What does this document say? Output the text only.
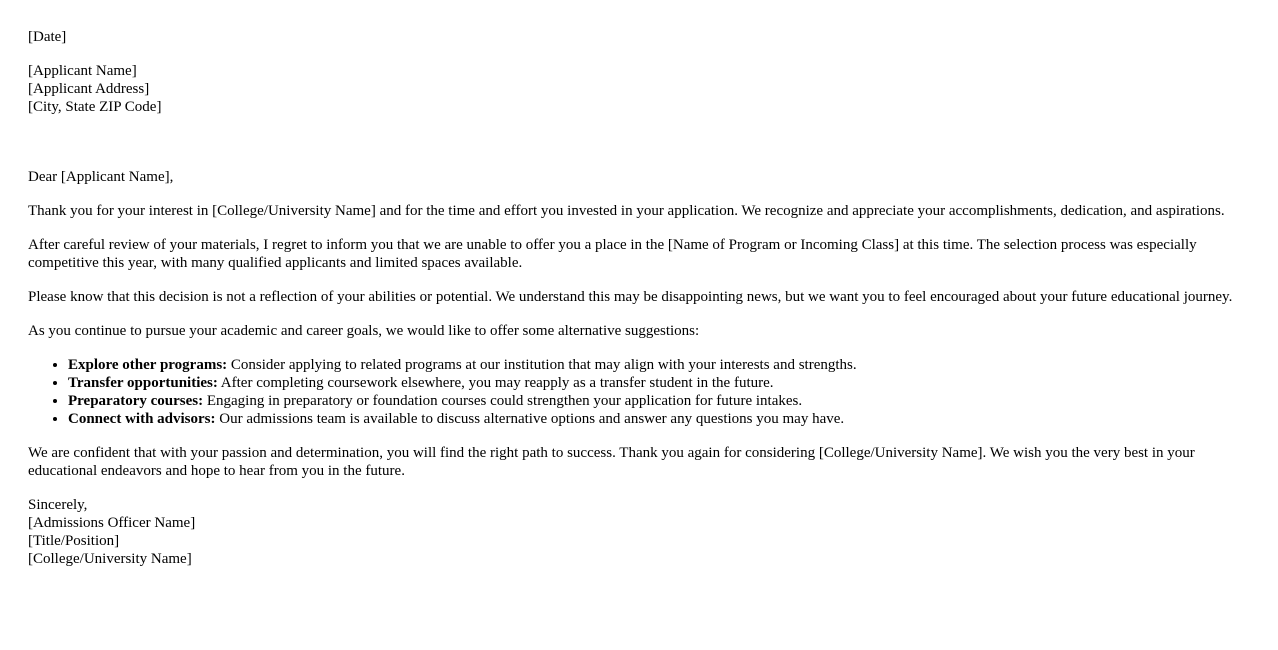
[Date]

[Applicant Name]
[Applicant Address]
[City, State ZIP Code]

Dear [Applicant Name],

Thank you for your interest in [College/University Name] and for the time and effort you invested in your application. We recognize and appreciate your accomplishments, dedication, and aspirations.

After careful review of your materials, I regret to inform you that we are unable to offer you a place in the [Name of Program or Incoming Class] at this time. The selection process was especially competitive this year, with many qualified applicants and limited spaces available.

Please know that this decision is not a reflection of your abilities or potential. We understand this may be disappointing news, but we want you to feel encouraged about your future educational journey.

As you continue to pursue your academic and career goals, we would like to offer some alternative suggestions:

• Explore other programs: Consider applying to related programs at our institution that may align with your interests and strengths.
• Transfer opportunities: After completing coursework elsewhere, you may reapply as a transfer student in the future.
• Preparatory courses: Engaging in preparatory or foundation courses could strengthen your application for future intakes.
• Connect with advisors: Our admissions team is available to discuss alternative options and answer any questions you may have.

We are confident that with your passion and determination, you will find the right path to success. Thank you again for considering [College/University Name]. We wish you the very best in your educational endeavors and hope to hear from you in the future.

Sincerely,
[Admissions Officer Name]
[Title/Position]
[College/University Name]
